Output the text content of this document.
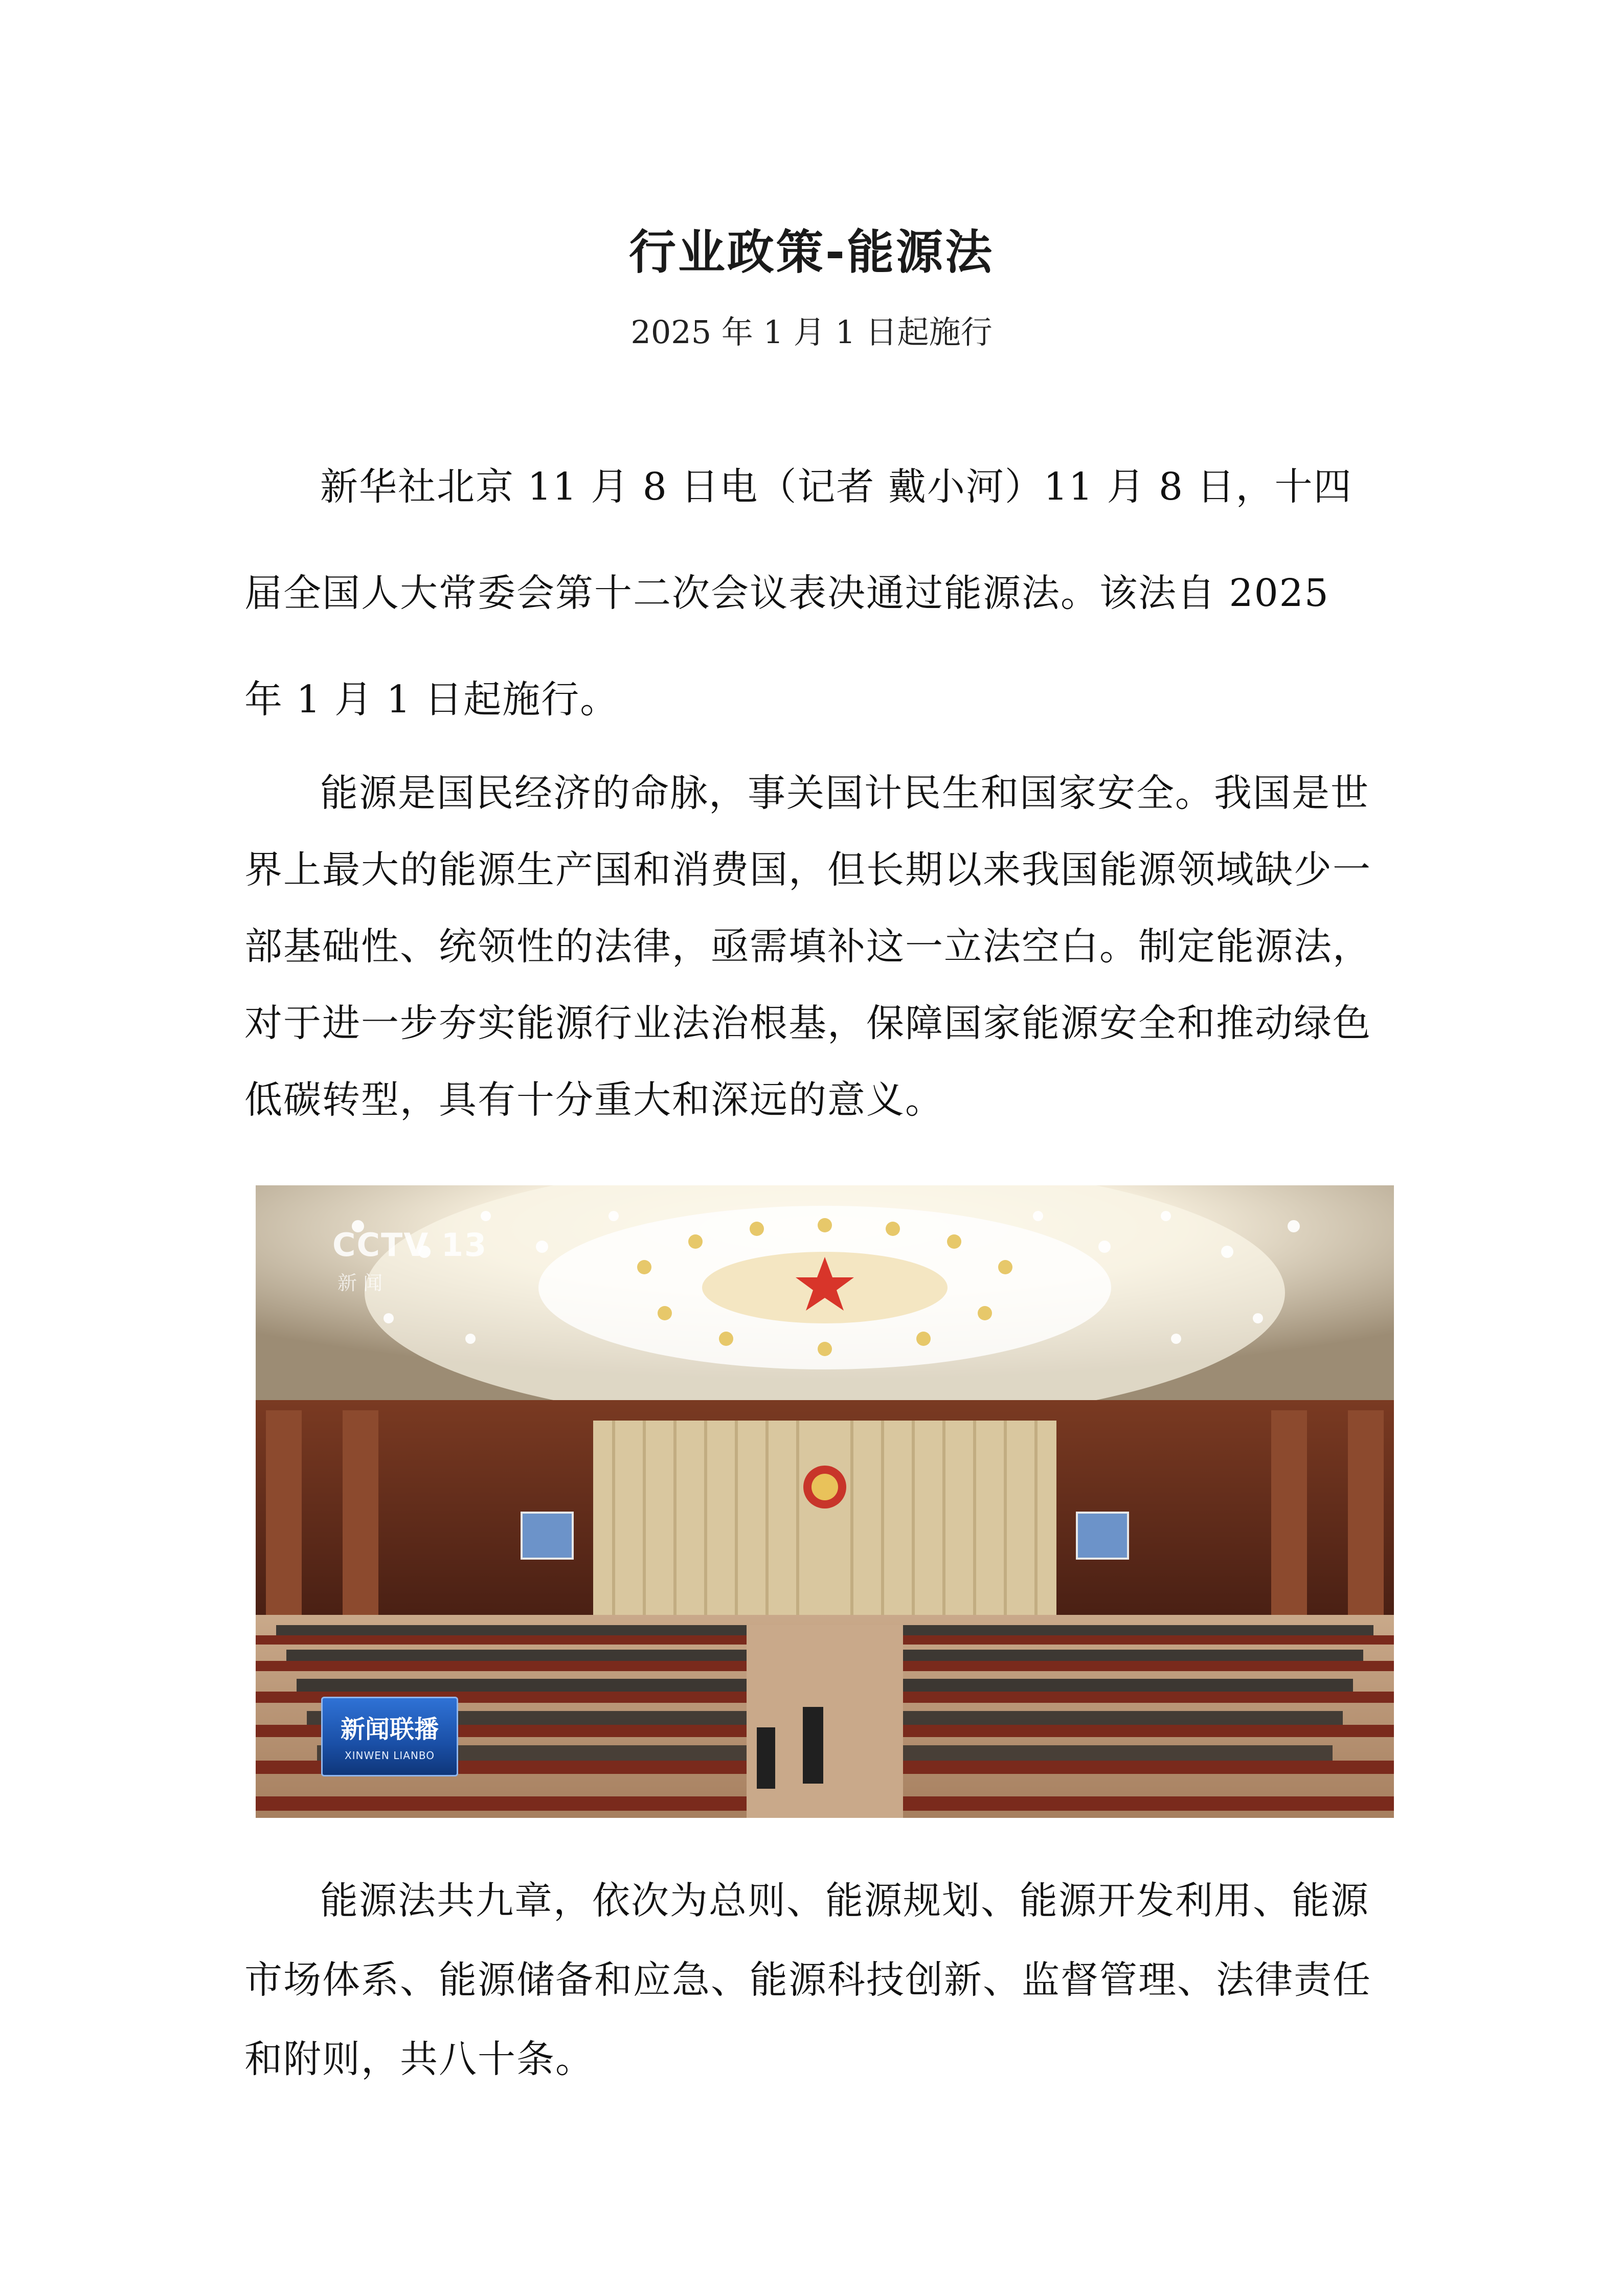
行业政策-能源法
2025 年 1 月 1 日起施行

新华社北京 11 月 8 日电（记者 戴小河）11 月 8 日，十四届全国人大常委会第十二次会议表决通过能源法。该法自 2025 年 1 月 1 日起施行。

能源是国民经济的命脉，事关国计民生和国家安全。我国是世界上最大的能源生产国和消费国，但长期以来我国能源领域缺少一部基础性、统领性的法律，亟需填补这一立法空白。制定能源法，对于进一步夯实能源行业法治根基，保障国家能源安全和推动绿色低碳转型，具有十分重大和深远的意义。

CCTV 13
新 闻
新闻联播
XINWEN LIANBO

能源法共九章，依次为总则、能源规划、能源开发利用、能源市场体系、能源储备和应急、能源科技创新、监督管理、法律责任和附则，共八十条。
